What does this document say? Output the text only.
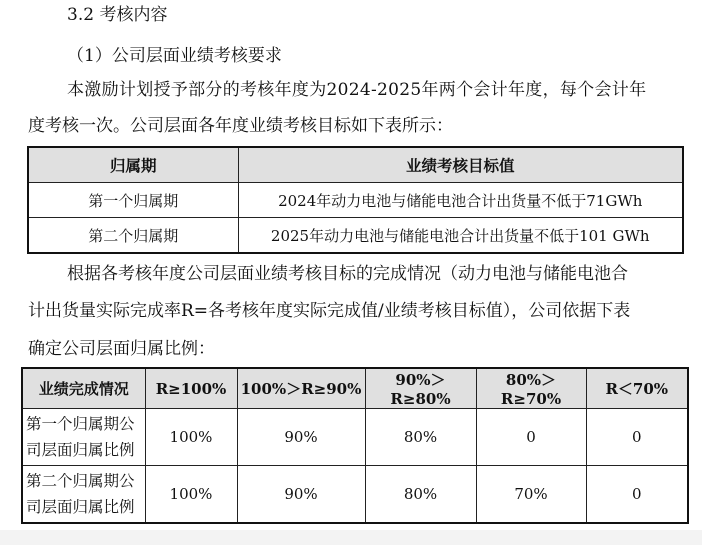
3.2 考核内容
（1）公司层面业绩考核要求
本激励计划授予部分的考核年度为2024-2025年两个会计年度，每个会计年
度考核一次。公司层面各年度业绩考核目标如下表所示：
归属期	业绩考核目标值
第一个归属期	2024年动力电池与储能电池合计出货量不低于71GWh
第二个归属期	2025年动力电池与储能电池合计出货量不低于101 GWh
根据各考核年度公司层面业绩考核目标的完成情况（动力电池与储能电池合
计出货量实际完成率R=各考核年度实际完成值/业绩考核目标值），公司依据下表
确定公司层面归属比例：
业绩完成情况	R≥100%	100%＞R≥90%	90%＞R≥80%	80%＞R≥70%	R＜70%
第一个归属期公
司层面归属比例	100%	90%	80%	0	0
第二个归属期公
司层面归属比例	100%	90%	80%	70%	0
